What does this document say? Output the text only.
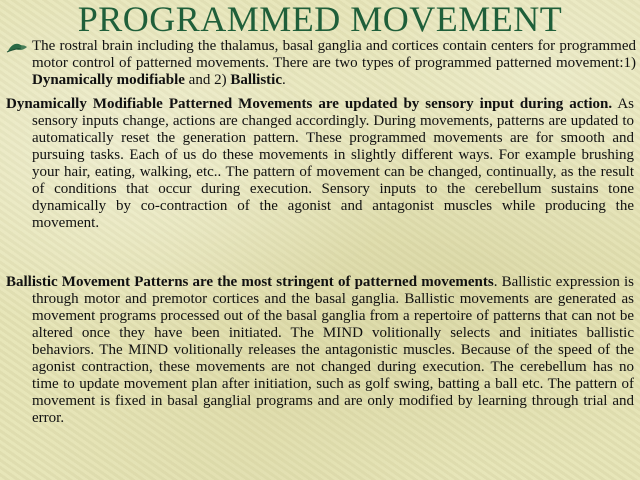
PROGRAMMED MOVEMENT

The rostral brain including the thalamus, basal ganglia and cortices contain centers for programmed motor control of patterned movements. There are two types of programmed patterned movement:1) Dynamically modifiable and 2) Ballistic.

Dynamically Modifiable Patterned Movements are updated by sensory input during action. As sensory inputs change, actions are changed accordingly. During movements, patterns are updated to automatically reset the generation pattern. These programmed movements are for smooth and pursuing tasks. Each of us do these movements in slightly different ways. For example brushing your hair, eating, walking, etc.. The pattern of movement can be changed, continually, as the result of conditions that occur during execution. Sensory inputs to the cerebellum sustains tone dynamically by co-contraction of the agonist and antagonist muscles while producing the movement.

Ballistic Movement Patterns are the most stringent of patterned movements. Ballistic expression is through motor and premotor cortices and the basal ganglia. Ballistic movements are generated as movement programs processed out of the basal ganglia from a repertoire of patterns that can not be altered once they have been initiated. The MIND volitionally selects and initiates ballistic behaviors. The MIND volitionally releases the antagonistic muscles. Because of the speed of the agonist contraction, these movements are not changed during execution. The cerebellum has no time to update movement plan after initiation, such as golf swing, batting a ball etc. The pattern of movement is fixed in basal ganglial programs and are only modified by learning through trial and error.
